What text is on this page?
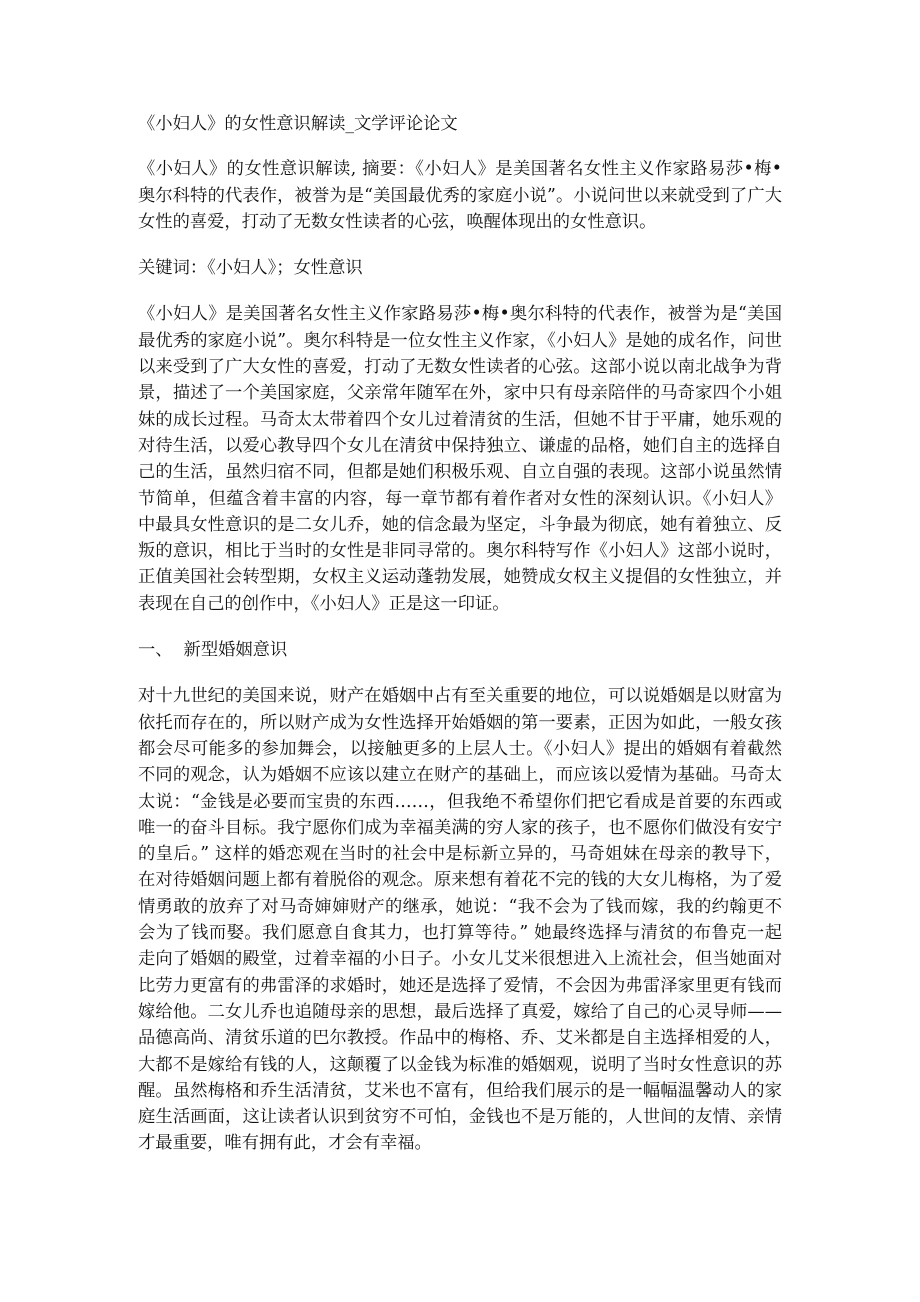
《小妇人》的女性意识解读_文学评论论文

《小妇人》的女性意识解读, 摘要：《小妇人》是美国著名女性主义作家路易莎•梅•奥尔科特的代表作，被誉为是“美国最优秀的家庭小说”。小说问世以来就受到了广大女性的喜爱，打动了无数女性读者的心弦，唤醒体现出的女性意识。

关键词：《小妇人》；女性意识

《小妇人》是美国著名女性主义作家路易莎•梅•奥尔科特的代表作，被誉为是“美国最优秀的家庭小说”。奥尔科特是一位女性主义作家，《小妇人》是她的成名作，问世以来受到了广大女性的喜爱，打动了无数女性读者的心弦。这部小说以南北战争为背景，描述了一个美国家庭，父亲常年随军在外，家中只有母亲陪伴的马奇家四个小姐妹的成长过程。马奇太太带着四个女儿过着清贫的生活，但她不甘于平庸，她乐观的对待生活，以爱心教导四个女儿在清贫中保持独立、谦虚的品格，她们自主的选择自己的生活，虽然归宿不同，但都是她们积极乐观、自立自强的表现。这部小说虽然情节简单，但蕴含着丰富的内容，每一章节都有着作者对女性的深刻认识。《小妇人》中最具女性意识的是二女儿乔，她的信念最为坚定，斗争最为彻底，她有着独立、反叛的意识，相比于当时的女性是非同寻常的。奥尔科特写作《小妇人》这部小说时，正值美国社会转型期，女权主义运动蓬勃发展，她赞成女权主义提倡的女性独立，并表现在自己的创作中，《小妇人》正是这一印证。

一、  新型婚姻意识

对十九世纪的美国来说，财产在婚姻中占有至关重要的地位，可以说婚姻是以财富为依托而存在的，所以财产成为女性选择开始婚姻的第一要素，正因为如此，一般女孩都会尽可能多的参加舞会，以接触更多的上层人士。《小妇人》提出的婚姻有着截然不同的观念，认为婚姻不应该以建立在财产的基础上，而应该以爱情为基础。马奇太太说：“金钱是必要而宝贵的东西……，但我绝不希望你们把它看成是首要的东西或唯一的奋斗目标。我宁愿你们成为幸福美满的穷人家的孩子，也不愿你们做没有安宁的皇后。” 这样的婚恋观在当时的社会中是标新立异的，马奇姐妹在母亲的教导下，在对待婚姻问题上都有着脱俗的观念。原来想有着花不完的钱的大女儿梅格，为了爱情勇敢的放弃了对马奇婶婶财产的继承，她说：“我不会为了钱而嫁，我的约翰更不会为了钱而娶。我们愿意自食其力，也打算等待。” 她最终选择与清贫的布鲁克一起走向了婚姻的殿堂，过着幸福的小日子。小女儿艾米很想进入上流社会，但当她面对比劳力更富有的弗雷泽的求婚时，她还是选择了爱情，不会因为弗雷泽家里更有钱而嫁给他。二女儿乔也追随母亲的思想，最后选择了真爱，嫁给了自己的心灵导师——品德高尚、清贫乐道的巴尔教授。作品中的梅格、乔、艾米都是自主选择相爱的人，大都不是嫁给有钱的人，这颠覆了以金钱为标准的婚姻观，说明了当时女性意识的苏醒。虽然梅格和乔生活清贫，艾米也不富有，但给我们展示的是一幅幅温馨动人的家庭生活画面，这让读者认识到贫穷不可怕，金钱也不是万能的，人世间的友情、亲情才最重要，唯有拥有此，才会有幸福。
